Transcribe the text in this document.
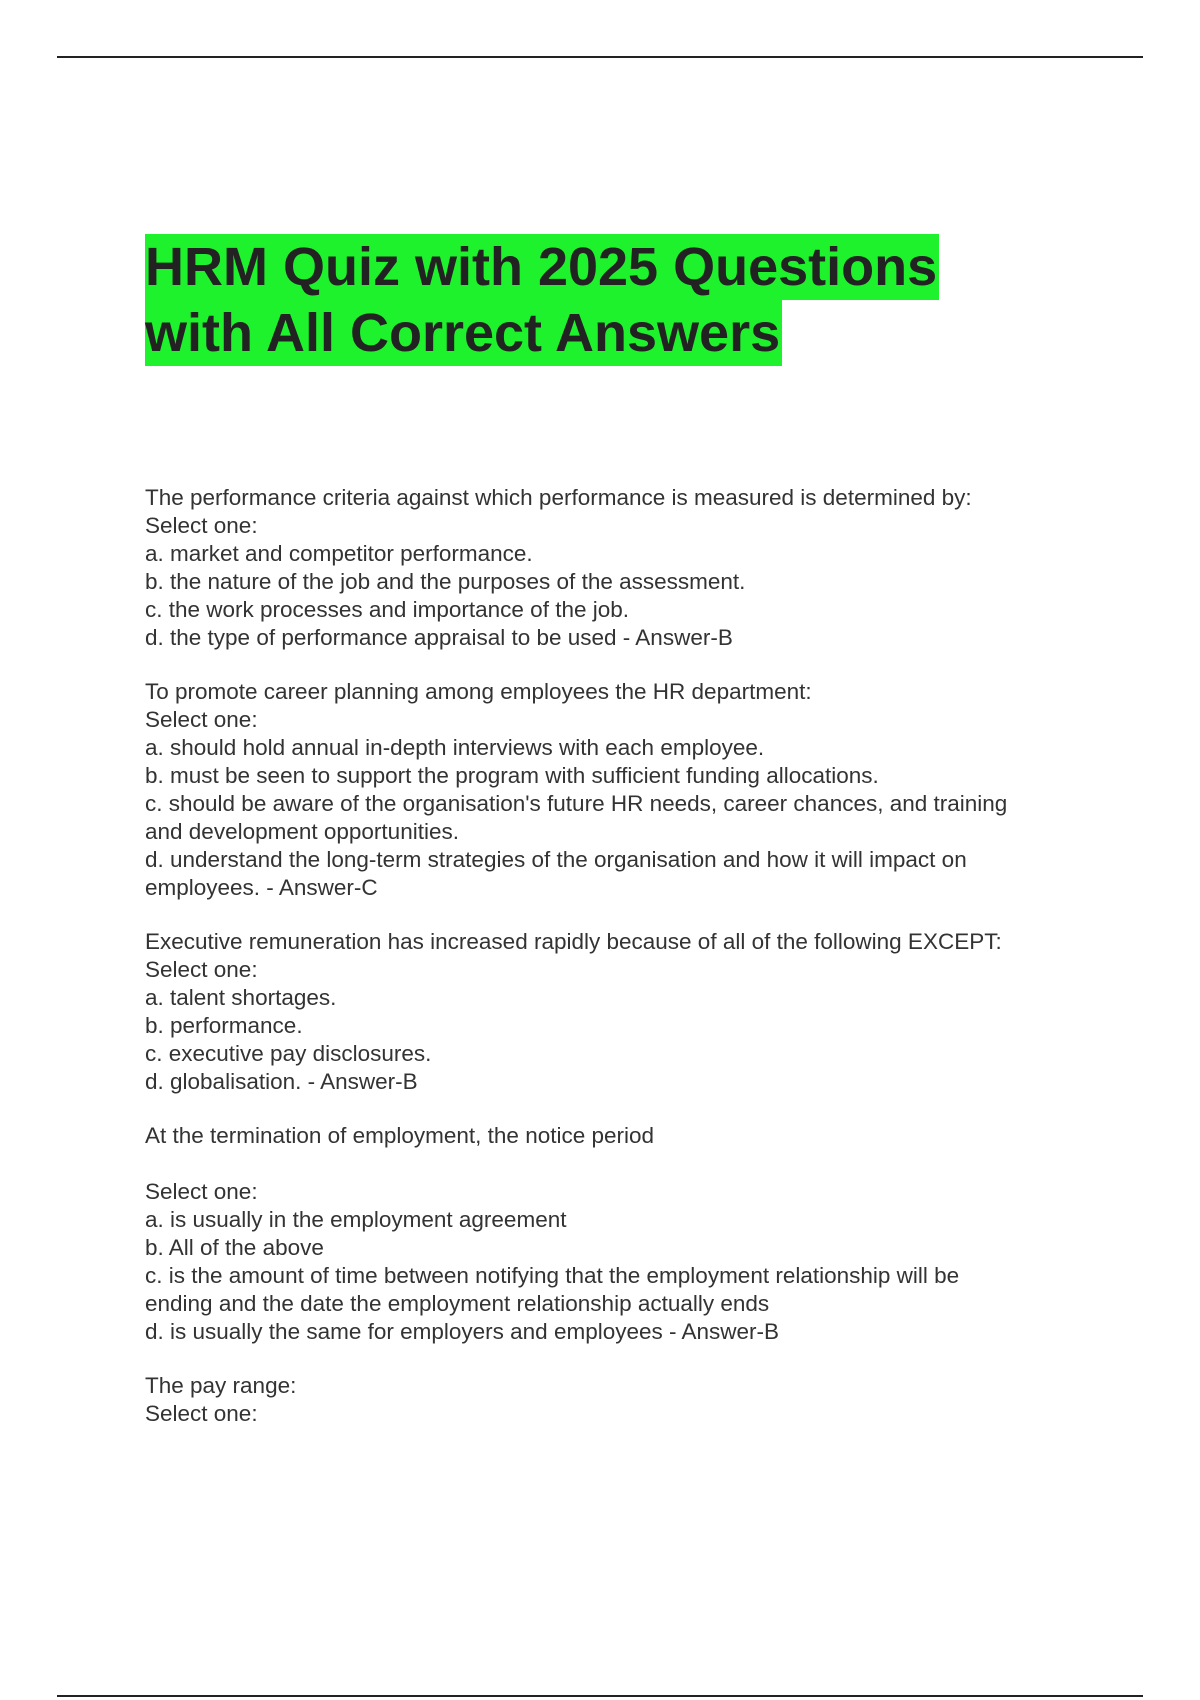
HRM Quiz with 2025 Questions
with All Correct Answers
The performance criteria against which performance is measured is determined by:
Select one:
a. market and competitor performance.
b. the nature of the job and the purposes of the assessment.
c. the work processes and importance of the job.
d. the type of performance appraisal to be used - Answer-B
To promote career planning among employees the HR department:
Select one:
a. should hold annual in-depth interviews with each employee.
b. must be seen to support the program with sufficient funding allocations.
c. should be aware of the organisation's future HR needs, career chances, and training
and development opportunities.
d. understand the long-term strategies of the organisation and how it will impact on
employees. - Answer-C
Executive remuneration has increased rapidly because of all of the following EXCEPT:
Select one:
a. talent shortages.
b. performance.
c. executive pay disclosures.
d. globalisation. - Answer-B
At the termination of employment, the notice period
Select one:
a. is usually in the employment agreement
b. All of the above
c. is the amount of time between notifying that the employment relationship will be
ending and the date the employment relationship actually ends
d. is usually the same for employers and employees - Answer-B
The pay range:
Select one:
